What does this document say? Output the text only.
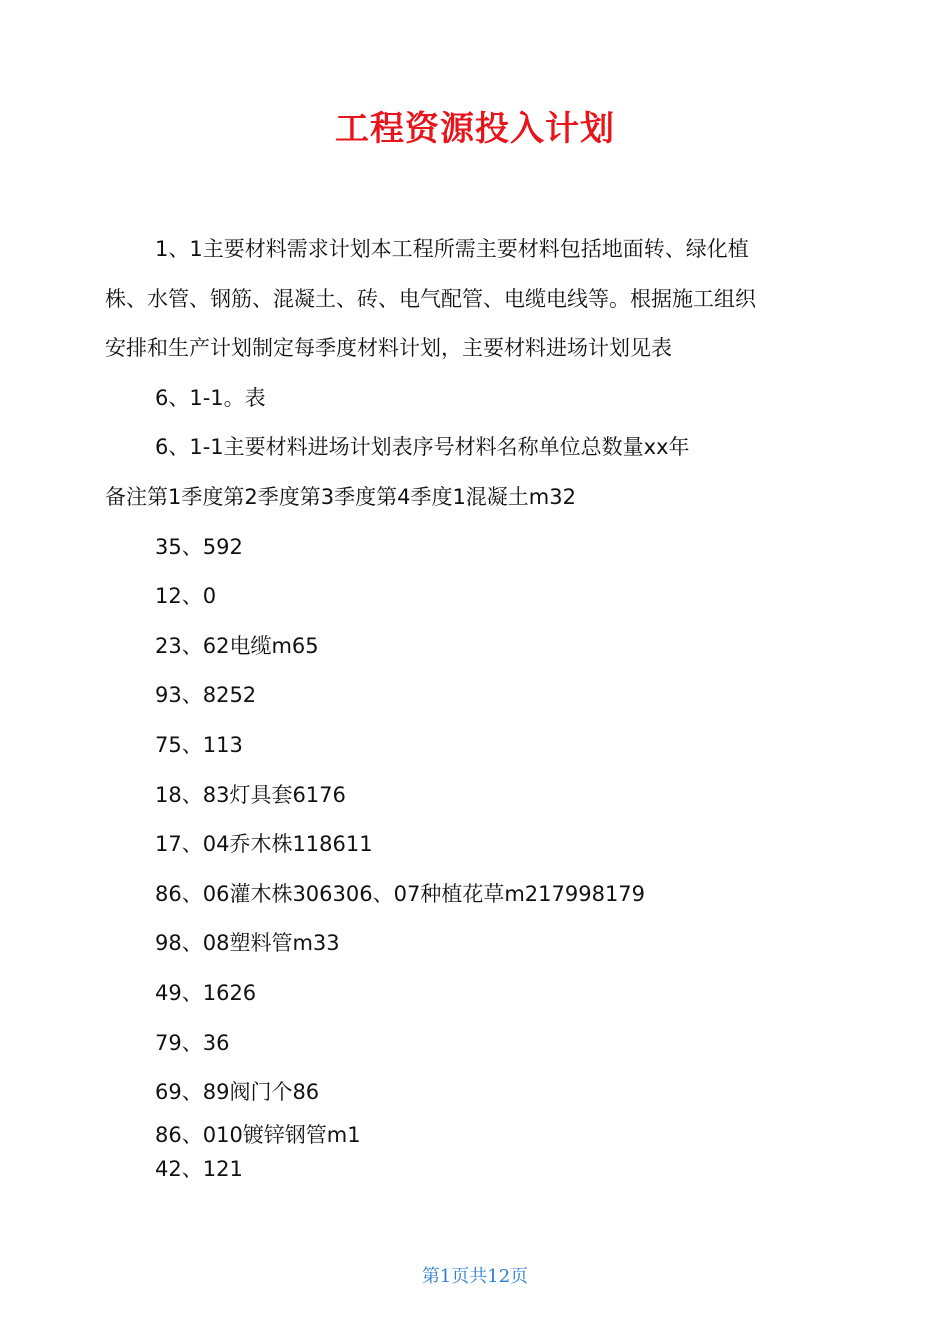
工程资源投入计划

1、1主要材料需求计划本工程所需主要材料包括地面转、绿化植
株、水管、钢筋、混凝土、砖、电气配管、电缆电线等。根据施工组织
安排和生产计划制定每季度材料计划，主要材料进场计划见表

6、1-1。表

6、1-1主要材料进场计划表序号材料名称单位总数量xx年
备注第1季度第2季度第3季度第4季度1混凝土m32

35、592

12、0

23、62电缆m65

93、8252

75、113

18、83灯具套6176

17、04乔木株118611

86、06灌木株306306、07种植花草m217998179

98、08塑料管m33

49、1626

79、36

69、89阀门个86

86、010镀锌钢管m1
42、121

第1页共12页
